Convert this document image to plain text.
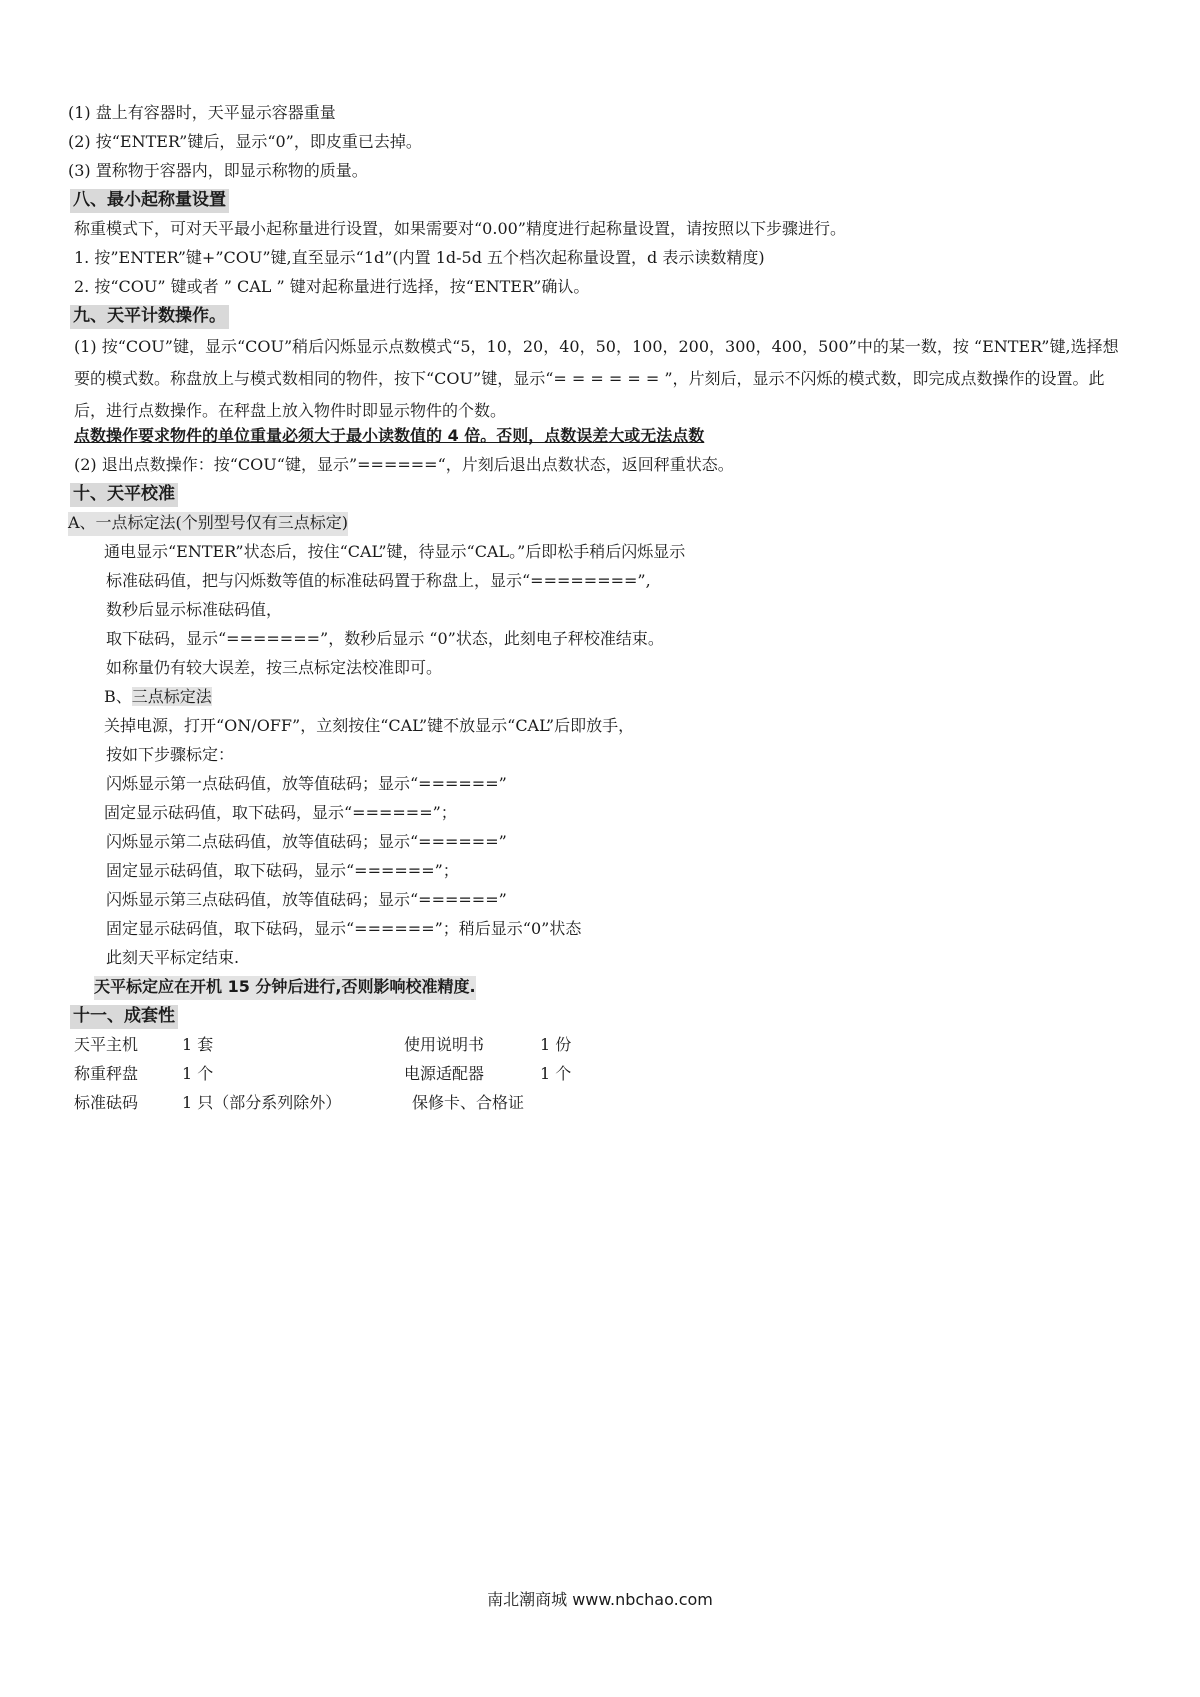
(1) 盘上有容器时，天平显示容器重量
(2) 按“ENTER”键后，显示“0”，即皮重已去掉。
(3) 置称物于容器内，即显示称物的质量。
八、最小起称量设置
称重模式下，可对天平最小起称量进行设置，如果需要对“0.00”精度进行起称量设置，请按照以下步骤进行。
1. 按”ENTER”键+”COU”键,直至显示“1d”(内置 1d-5d 五个档次起称量设置，d 表示读数精度)
2. 按“COU” 键或者 ” CAL ” 键对起称量进行选择，按“ENTER”确认。
九、天平计数操作。
(1) 按“COU”键，显示“COU”稍后闪烁显示点数模式“5，10，20，40，50，100，200，300，400，500”中的某一数，按 “ENTER”键,选择想要的模式数。称盘放上与模式数相同的物件，按下“COU”键，显示“= = = = = = ”，片刻后，显示不闪烁的模式数，即完成点数操作的设置。此后，进行点数操作。在秤盘上放入物件时即显示物件的个数。
点数操作要求物件的单位重量必须大于最小读数值的 4 倍。否则，点数误差大或无法点数
(2) 退出点数操作：按“COU“键，显示”======“，片刻后退出点数状态，返回秤重状态。
十、天平校准
A、一点标定法(个别型号仅有三点标定)
通电显示“ENTER”状态后，按住“CAL”键，待显示“CAL。”后即松手稍后闪烁显示
标准砝码值，把与闪烁数等值的标准砝码置于称盘上，显示“========”,
数秒后显示标准砝码值，
取下砝码，显示“=======”，数秒后显示 “0”状态，此刻电子秤校准结束。
如称量仍有较大误差，按三点标定法校准即可。
B、三点标定法
关掉电源，打开“ON/OFF”，立刻按住“CAL”键不放显示“CAL”后即放手，
按如下步骤标定：
闪烁显示第一点砝码值，放等值砝码；显示“======”
固定显示砝码值，取下砝码，显示“======”；
闪烁显示第二点砝码值，放等值砝码；显示“======”
固定显示砝码值，取下砝码，显示“======”；
闪烁显示第三点砝码值，放等值砝码；显示“======”
固定显示砝码值，取下砝码，显示“======”；稍后显示“0”状态
此刻天平标定结束.
天平标定应在开机 15 分钟后进行,否则影响校准精度.
十一、成套性
天平主机	1 套	使用说明书	1 份
称重秤盘	1 个	电源适配器	1 个
标准砝码	1 只（部分系列除外）	保修卡、合格证
南北潮商城 www.nbchao.com
